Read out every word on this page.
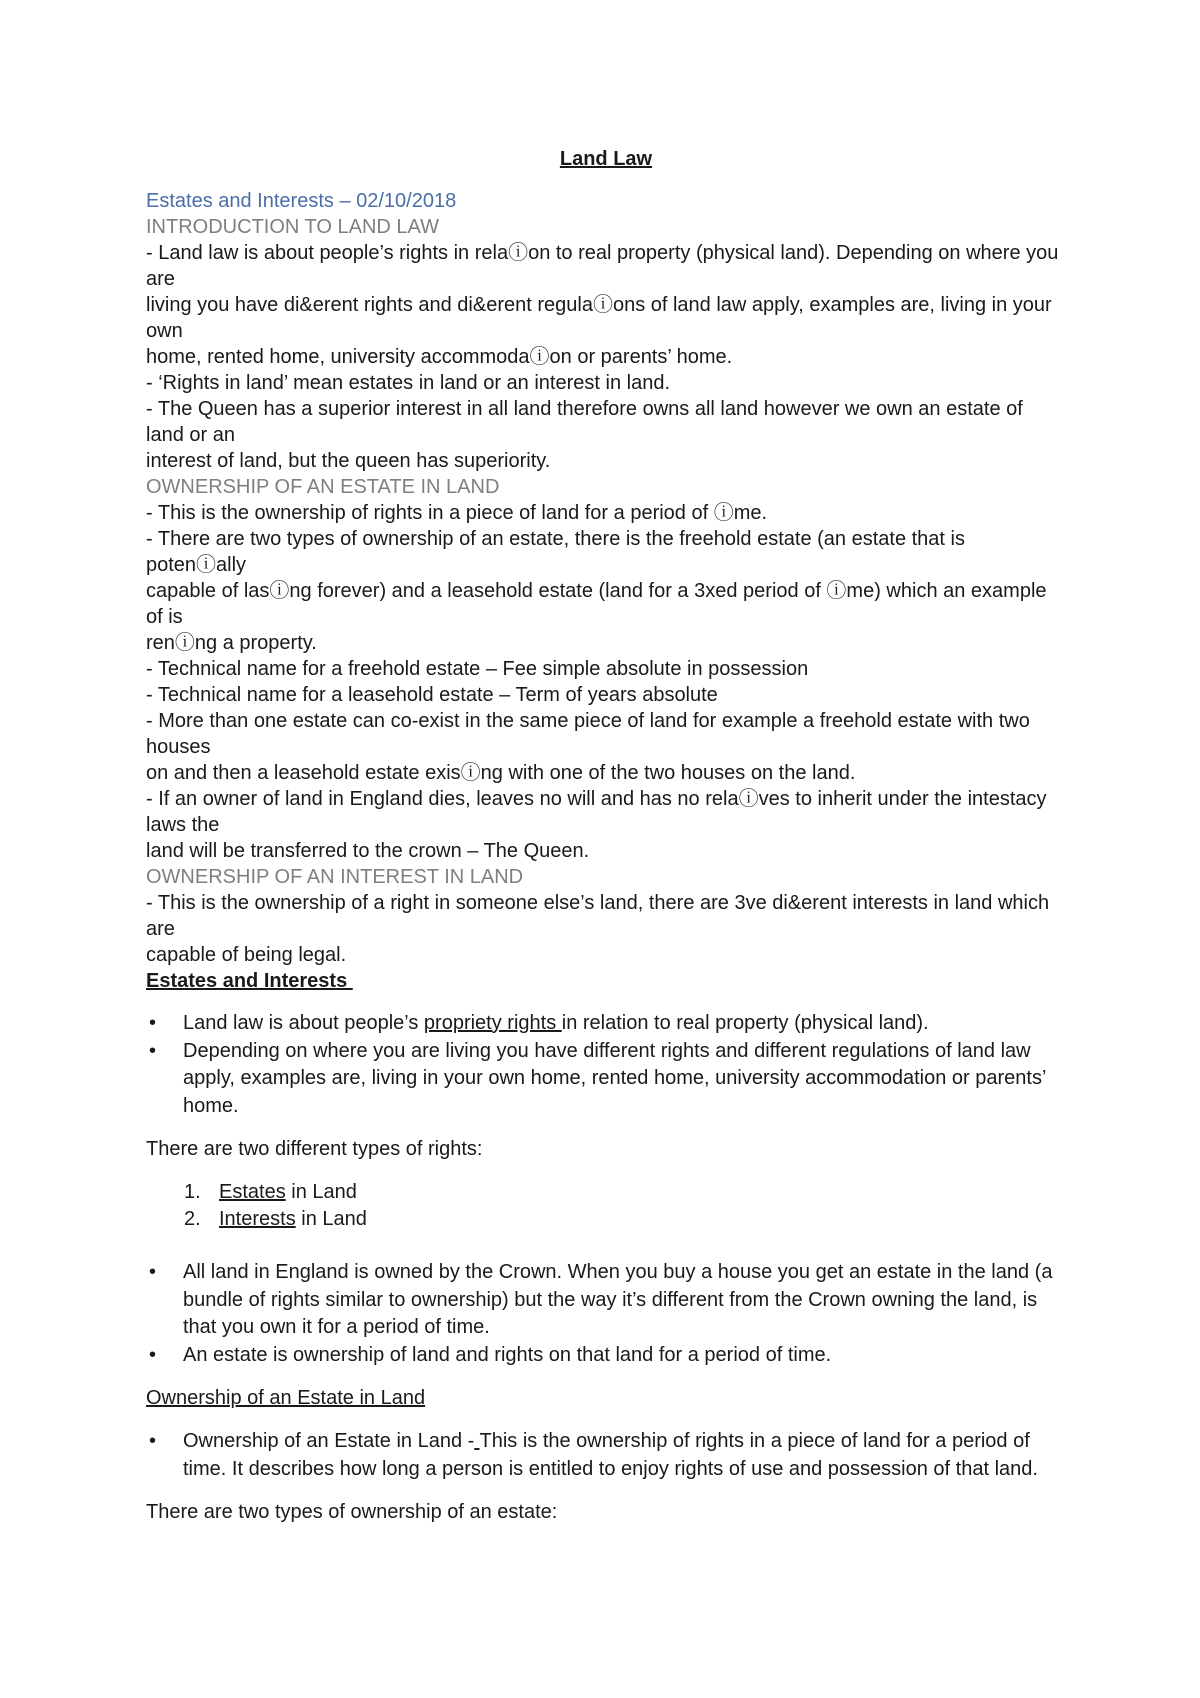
Land Law
Estates and Interests – 02/10/2018
INTRODUCTION TO LAND LAW
- Land law is about people’s rights in relaⓘon to real property (physical land). Depending on where you are
living you have di&erent rights and di&erent regulaⓘons of land law apply, examples are, living in your own
home, rented home, university accommodaⓘon or parents’ home.
- ‘Rights in land’ mean estates in land or an interest in land.
- The Queen has a superior interest in all land therefore owns all land however we own an estate of land or an
interest of land, but the queen has superiority.
OWNERSHIP OF AN ESTATE IN LAND
- This is the ownership of rights in a piece of land for a period of ⓘme.
- There are two types of ownership of an estate, there is the freehold estate (an estate that is potenⓘally
capable of lasⓘng forever) and a leasehold estate (land for a 3xed period of ⓘme) which an example of is
renⓘng a property.
- Technical name for a freehold estate – Fee simple absolute in possession
- Technical name for a leasehold estate – Term of years absolute
- More than one estate can co-exist in the same piece of land for example a freehold estate with two houses
on and then a leasehold estate exisⓘng with one of the two houses on the land.
- If an owner of land in England dies, leaves no will and has no relaⓘves to inherit under the intestacy laws the
land will be transferred to the crown – The Queen.
OWNERSHIP OF AN INTEREST IN LAND
- This is the ownership of a right in someone else’s land, there are 3ve di&erent interests in land which are
capable of being legal.
Estates and Interests
• Land law is about people’s propriety rights in relation to real property (physical land).
• Depending on where you are living you have different rights and different regulations of land law apply, examples are, living in your own home, rented home, university accommodation or parents’ home.

There are two different types of rights:

1. Estates in Land
2. Interests in Land
• All land in England is owned by the Crown. When you buy a house you get an estate in the land (a bundle of rights similar to ownership) but the way it’s different from the Crown owning the land, is that you own it for a period of time.
• An estate is ownership of land and rights on that land for a period of time.

Ownership of an Estate in Land

• Ownership of an Estate in Land - This is the ownership of rights in a piece of land for a period of time. It describes how long a person is entitled to enjoy rights of use and possession of that land.

There are two types of ownership of an estate:
